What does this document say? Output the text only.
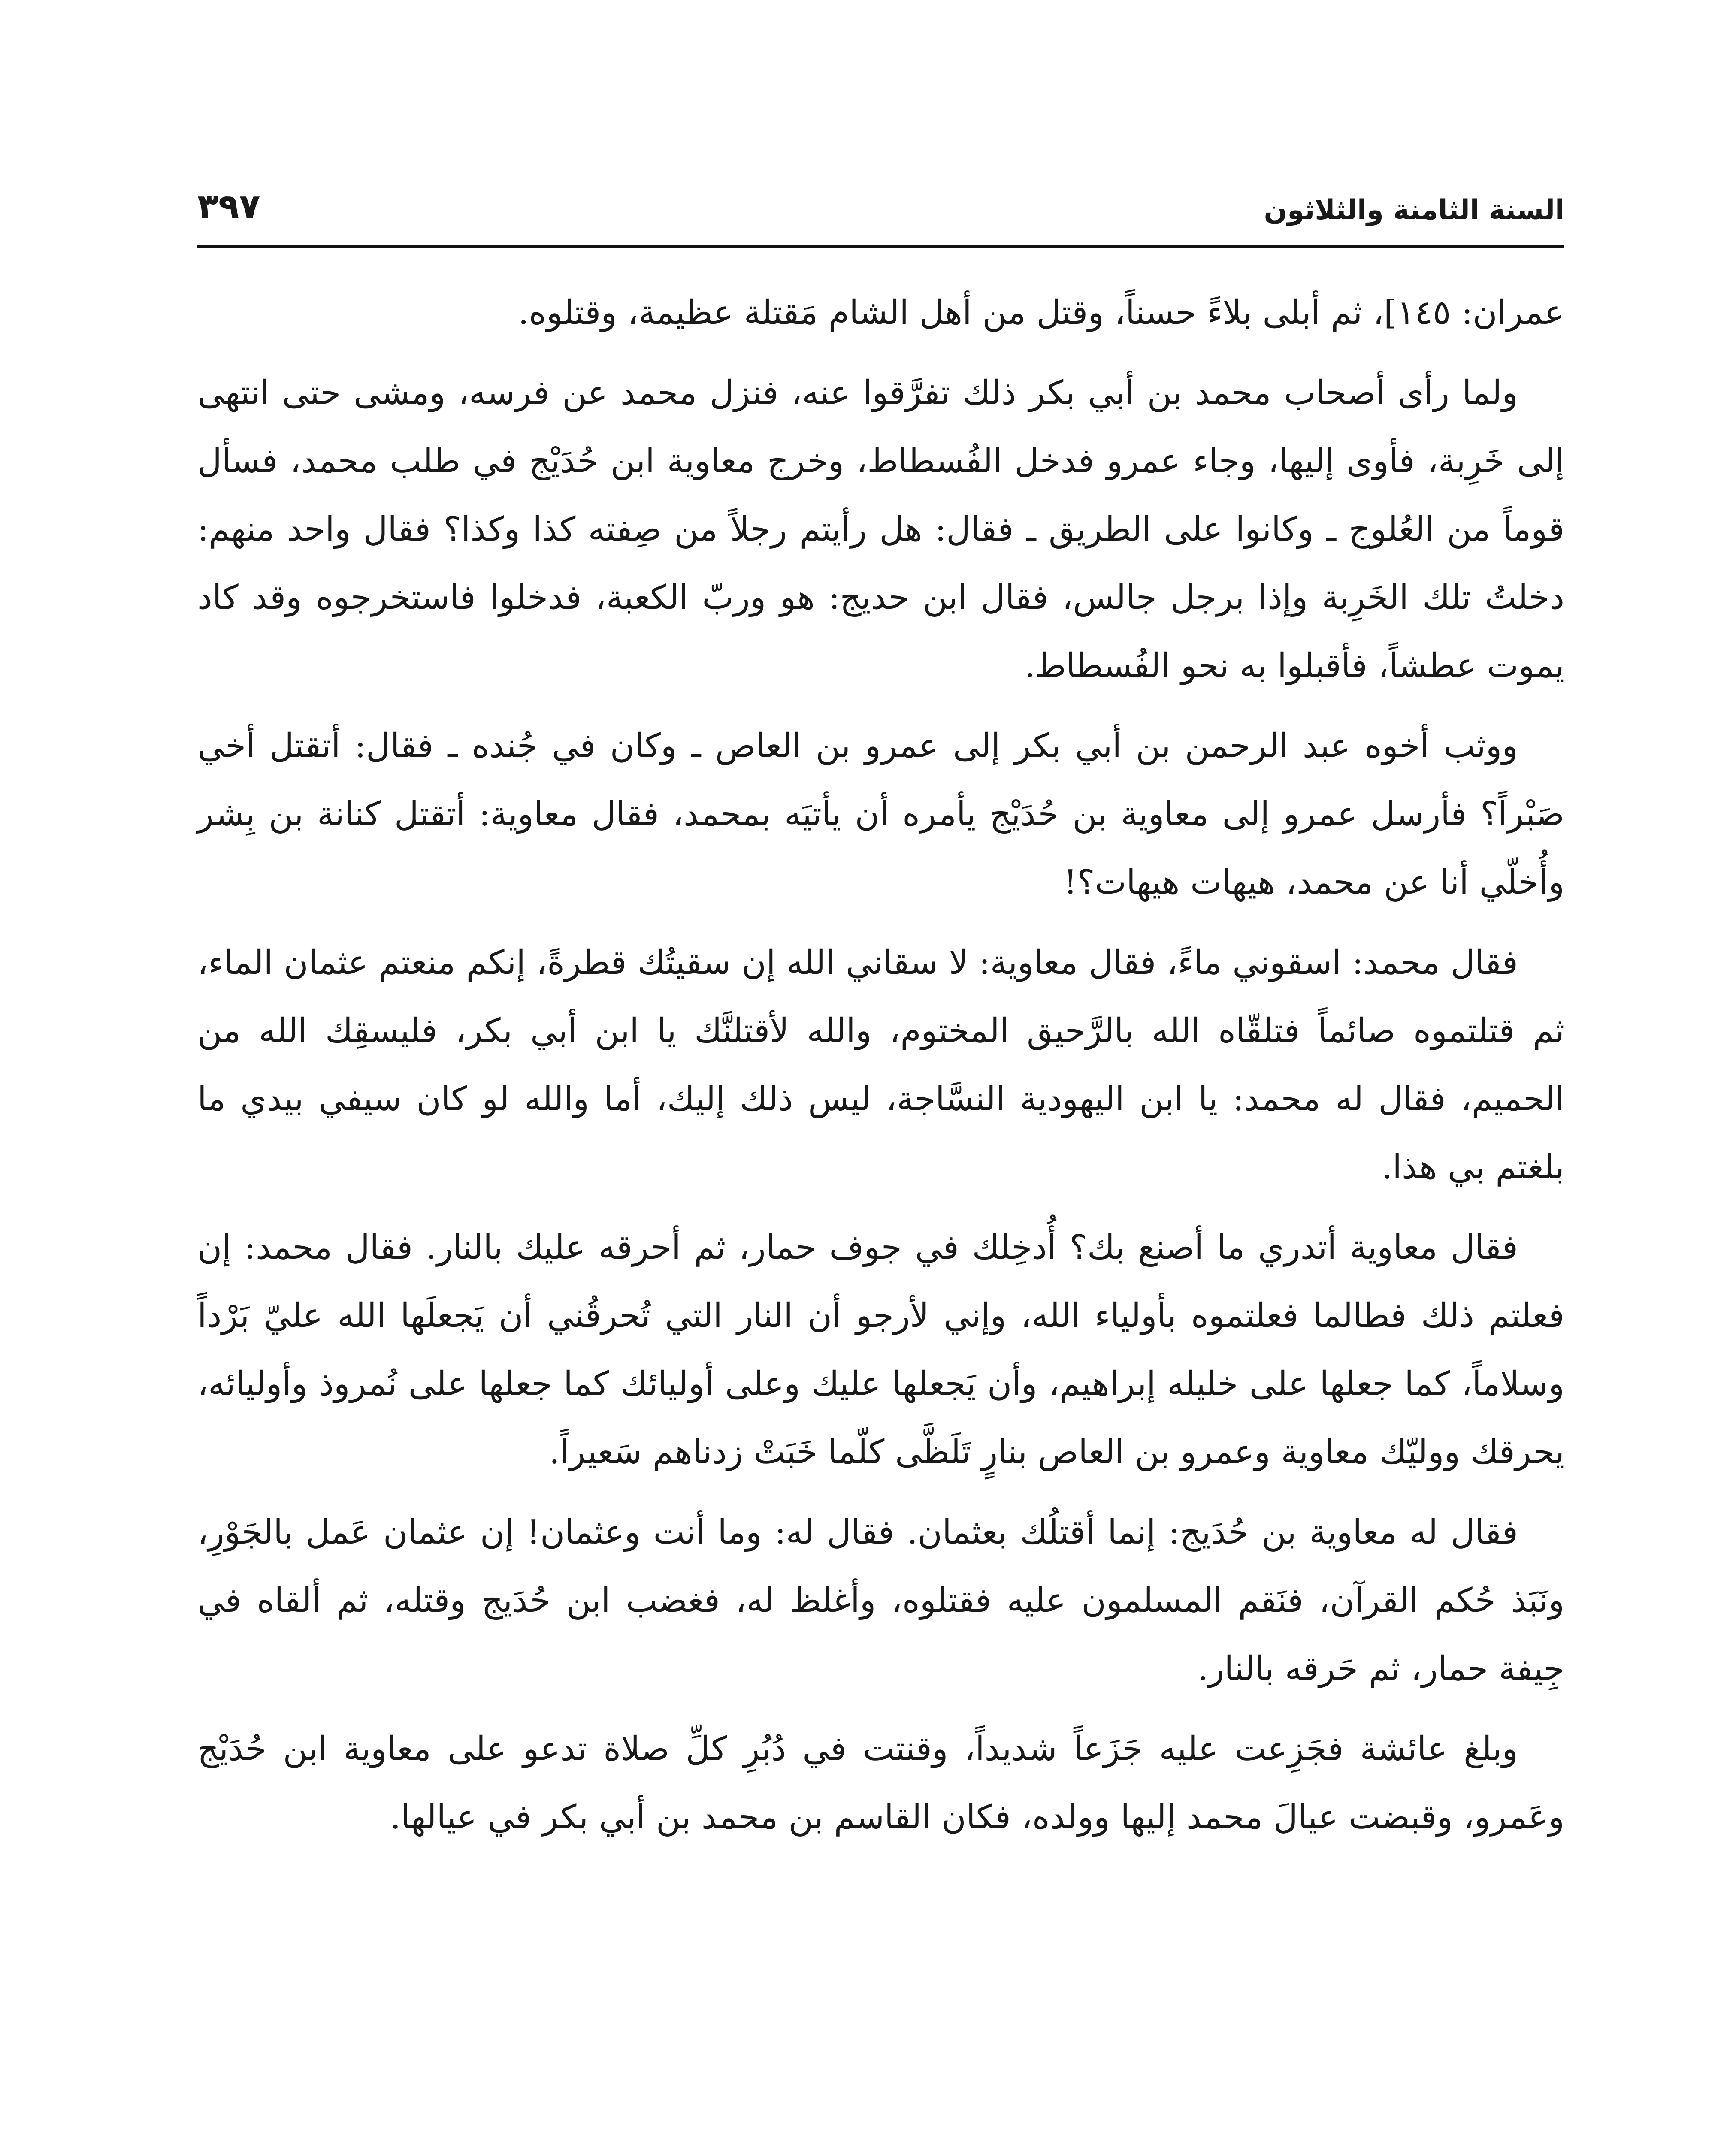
السنة الثامنة والثلاثون
٣٩٧

عمران: ١٤٥]، ثم أبلى بلاءً حسناً، وقتل من أهل الشام مَقتلة عظيمة، وقتلوه.

ولما رأى أصحاب محمد بن أبي بكر ذلك تفرَّقوا عنه، فنزل محمد عن فرسه، ومشى حتى انتهى إلى خَرِبة، فأوى إليها، وجاء عمرو فدخل الفُسطاط، وخرج معاوية ابن حُدَيْج في طلب محمد، فسأل قوماً من العُلوج ـ وكانوا على الطريق ـ فقال: هل رأيتم رجلاً من صِفته كذا وكذا؟ فقال واحد منهم: دخلتُ تلك الخَرِبة وإذا برجل جالس، فقال ابن حديج: هو وربّ الكعبة، فدخلوا فاستخرجوه وقد كاد يموت عطشاً، فأقبلوا به نحو الفُسطاط.

ووثب أخوه عبد الرحمن بن أبي بكر إلى عمرو بن العاص ـ وكان في جُنده ـ فقال: أتقتل أخي صَبْراً؟ فأرسل عمرو إلى معاوية بن حُدَيْج يأمره أن يأتيَه بمحمد، فقال معاوية: أتقتل كنانة بن بِشر وأُخلّي أنا عن محمد، هيهات هيهات؟!

فقال محمد: اسقوني ماءً، فقال معاوية: لا سقاني الله إن سقيتُك قطرةً، إنكم منعتم عثمان الماء، ثم قتلتموه صائماً فتلقّاه الله بالرَّحيق المختوم، والله لأقتلنَّك يا ابن أبي بكر، فليسقِك الله من الحميم، فقال له محمد: يا ابن اليهودية النسَّاجة، ليس ذلك إليك، أما والله لو كان سيفي بيدي ما بلغتم بي هذا.

فقال معاوية أتدري ما أصنع بك؟ أُدخِلك في جوف حمار، ثم أحرقه عليك بالنار. فقال محمد: إن فعلتم ذلك فطالما فعلتموه بأولياء الله، وإني لأرجو أن النار التي تُحرقُني أن يَجعلَها الله عليّ بَرْداً وسلاماً، كما جعلها على خليله إبراهيم، وأن يَجعلها عليك وعلى أوليائك كما جعلها على نُمروذ وأوليائه، يحرقك ووليّك معاوية وعمرو بن العاص بنارٍ تَلَظَّى كلّما خَبَتْ زدناهم سَعيراً.

فقال له معاوية بن حُدَيج: إنما أقتلُك بعثمان. فقال له: وما أنت وعثمان! إن عثمان عَمل بالجَوْرِ، ونَبَذ حُكم القرآن، فنَقم المسلمون عليه فقتلوه، وأغلظ له، فغضب ابن حُدَيج وقتله، ثم ألقاه في جِيفة حمار، ثم حَرقه بالنار.

وبلغ عائشة فجَزِعت عليه جَزَعاً شديداً، وقنتت في دُبُرِ كلِّ صلاة تدعو على معاوية ابن حُدَيْج وعَمرو، وقبضت عيالَ محمد إليها وولده، فكان القاسم بن محمد بن أبي بكر في عيالها.
